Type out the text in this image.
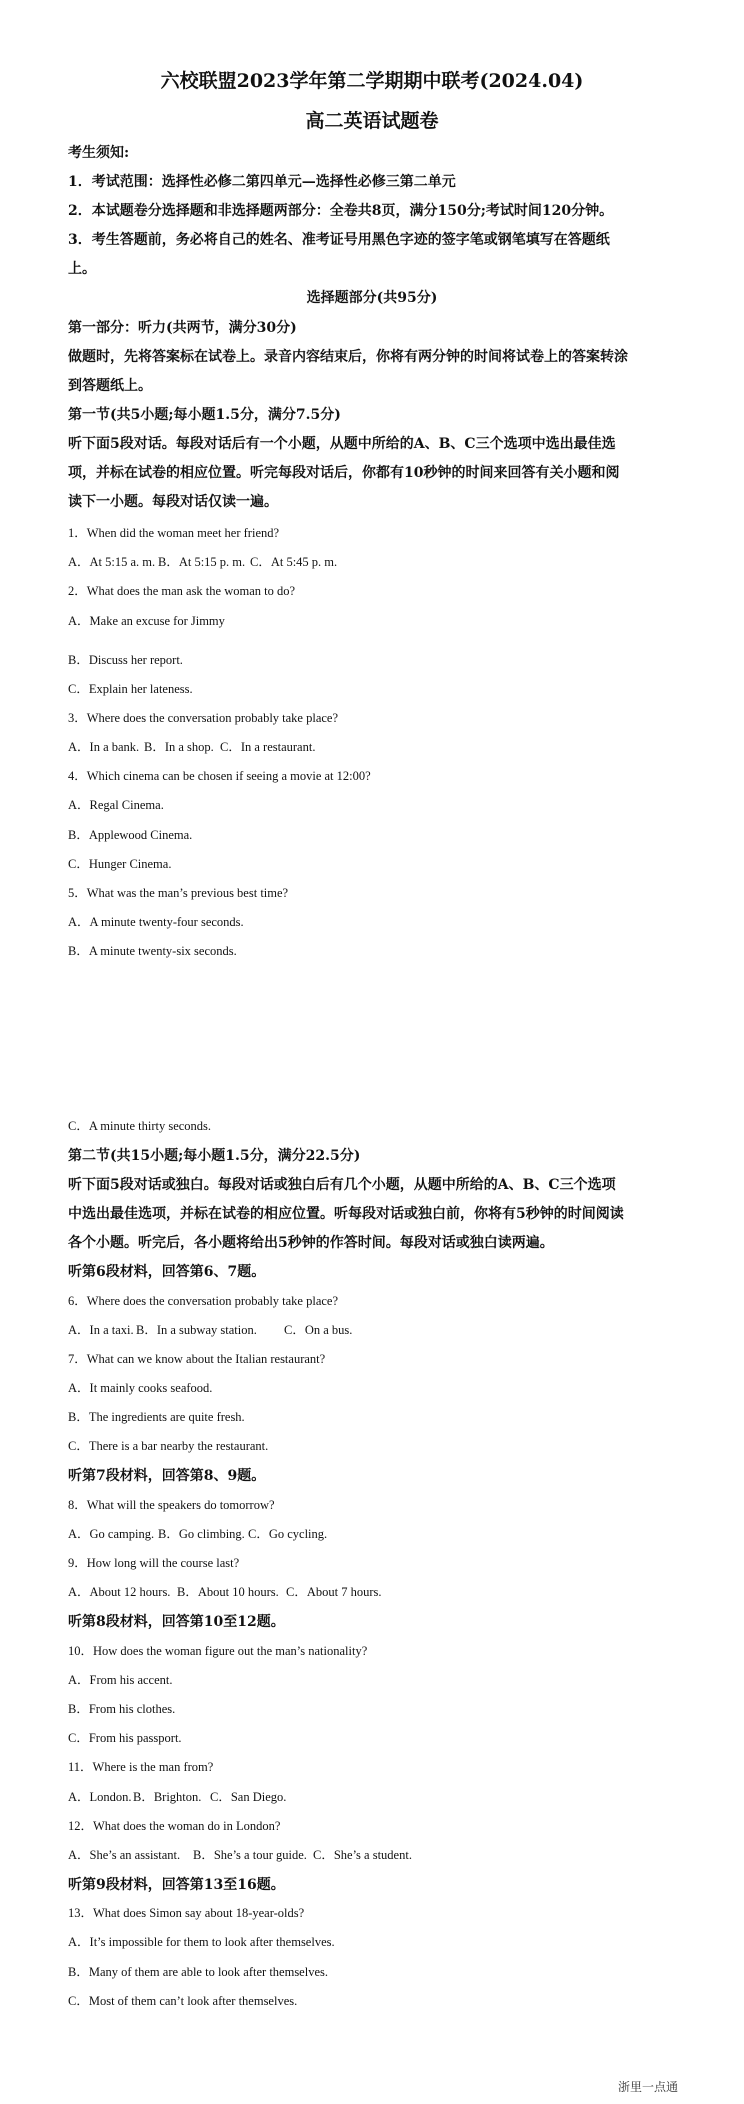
六校联盟2023学年第二学期期中联考(2024.04)
高二英语试题卷
考生须知:
1．考试范围：选择性必修二第四单元—选择性必修三第二单元
2．本试题卷分选择题和非选择题两部分：全卷共8页，满分150分;考试时间120分钟。
3．考生答题前，务必将自己的姓名、准考证号用黑色字迹的签字笔或钢笔填写在答题纸
上。
选择题部分(共95分)
第一部分：听力(共两节，满分30分)
做题时，先将答案标在试卷上。录音内容结束后，你将有两分钟的时间将试卷上的答案转涂
到答题纸上。
第一节(共5小题;每小题1.5分，满分7.5分)
听下面5段对话。每段对话后有一个小题，从题中所给的A、B、C三个选项中选出最佳选
项，并标在试卷的相应位置。听完每段对话后，你都有10秒钟的时间来回答有关小题和阅
读下一小题。每段对话仅读一遍。
1．When did the woman meet her friend?
A．At 5:15 a. m. B．At 5:15 p. m. C．At 5:45 p. m.
2．What does the man ask the woman to do?
A．Make an excuse for Jimmy
B．Discuss her report.
C．Explain her lateness.
3．Where does the conversation probably take place?
A．In a bank. B．In a shop. C．In a restaurant.
4．Which cinema can be chosen if seeing a movie at 12:00?
A．Regal Cinema.
B．Applewood Cinema.
C．Hunger Cinema.
5．What was the man’s previous best time?
A．A minute twenty-four seconds.
B．A minute twenty-six seconds.
C．A minute thirty seconds.
第二节(共15小题;每小题1.5分，满分22.5分)
听下面5段对话或独白。每段对话或独白后有几个小题，从题中所给的A、B、C三个选项
中选出最佳选项，并标在试卷的相应位置。听每段对话或独白前，你将有5秒钟的时间阅读
各个小题。听完后，各小题将给出5秒钟的作答时间。每段对话或独白读两遍。
听第6段材料，回答第6、7题。
6．Where does the conversation probably take place?
A．In a taxi. B．In a subway station. C．On a bus.
7．What can we know about the Italian restaurant?
A．It mainly cooks seafood.
B．The ingredients are quite fresh.
C．There is a bar nearby the restaurant.
听第7段材料，回答第8、9题。
8．What will the speakers do tomorrow?
A．Go camping. B．Go climbing. C．Go cycling.
9．How long will the course last?
A．About 12 hours. B．About 10 hours. C．About 7 hours.
听第8段材料，回答第10至12题。
10．How does the woman figure out the man’s nationality?
A．From his accent.
B．From his clothes.
C．From his passport.
11．Where is the man from?
A．London.B．Brighton. C．San Diego.
12．What does the woman do in London?
A．She’s an assistant. B．She’s a tour guide. C．She’s a student.
听第9段材料，回答第13至16题。
13．What does Simon say about 18-year-olds?
A．It’s impossible for them to look after themselves.
B．Many of them are able to look after themselves.
C．Most of them can’t look after themselves.
浙里一点通
